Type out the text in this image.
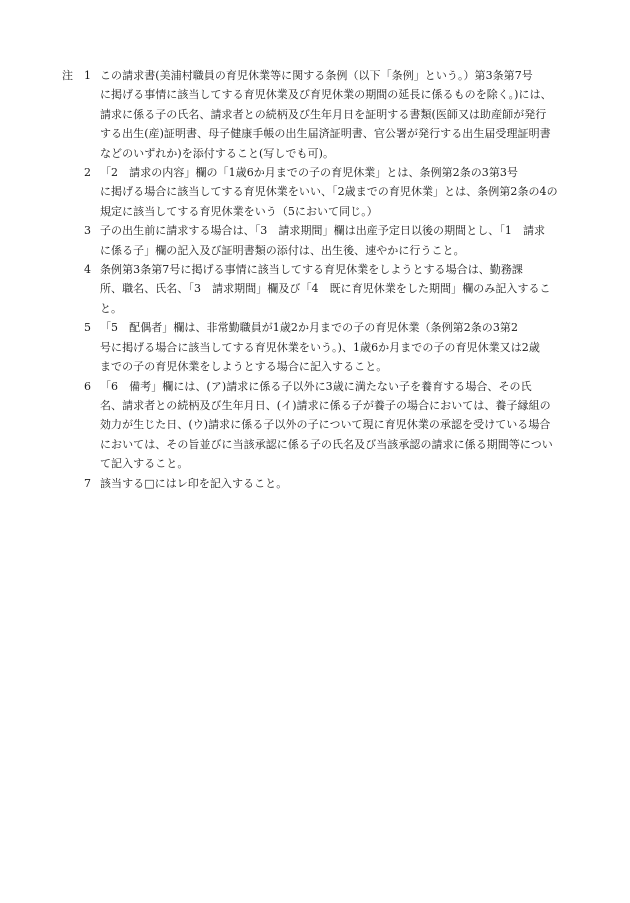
注 1 この請求書(美浦村職員の育児休業等に関する条例（以下「条例」という。）第3条第7号
に掲げる事情に該当してする育児休業及び育児休業の期間の延長に係るものを除く。)には、
請求に係る子の氏名、請求者との続柄及び生年月日を証明する書類(医師又は助産師が発行
する出生(産)証明書、母子健康手帳の出生届済証明書、官公署が発行する出生届受理証明書
などのいずれか)を添付すること(写しでも可)。
2 「2　請求の内容」欄の「1歳6か月までの子の育児休業」とは、条例第2条の3第3号
に掲げる場合に該当してする育児休業をいい、「2歳までの育児休業」とは、条例第2条の4の
規定に該当してする育児休業をいう（5において同じ。）
3 子の出生前に請求する場合は、「3　請求期間」欄は出産予定日以後の期間とし、「1　請求
に係る子」欄の記入及び証明書類の添付は、出生後、速やかに行うこと。
4 条例第3条第7号に掲げる事情に該当してする育児休業をしようとする場合は、勤務課
所、職名、氏名、「3　請求期間」欄及び「4　既に育児休業をした期間」欄のみ記入するこ
と。
5 「5　配偶者」欄は、非常勤職員が1歳2か月までの子の育児休業（条例第2条の3第2
号に掲げる場合に該当してする育児休業をいう。)、1歳6か月までの子の育児休業又は2歳
までの子の育児休業をしようとする場合に記入すること。
6 「6　備考」欄には、(ア)請求に係る子以外に3歳に満たない子を養育する場合、その氏
名、請求者との続柄及び生年月日、(イ)請求に係る子が養子の場合においては、養子縁組の
効力が生じた日、(ウ)請求に係る子以外の子について現に育児休業の承認を受けている場合
においては、その旨並びに当該承認に係る子の氏名及び当該承認の請求に係る期間等につい
て記入すること。
7 該当する□にはレ印を記入すること。
